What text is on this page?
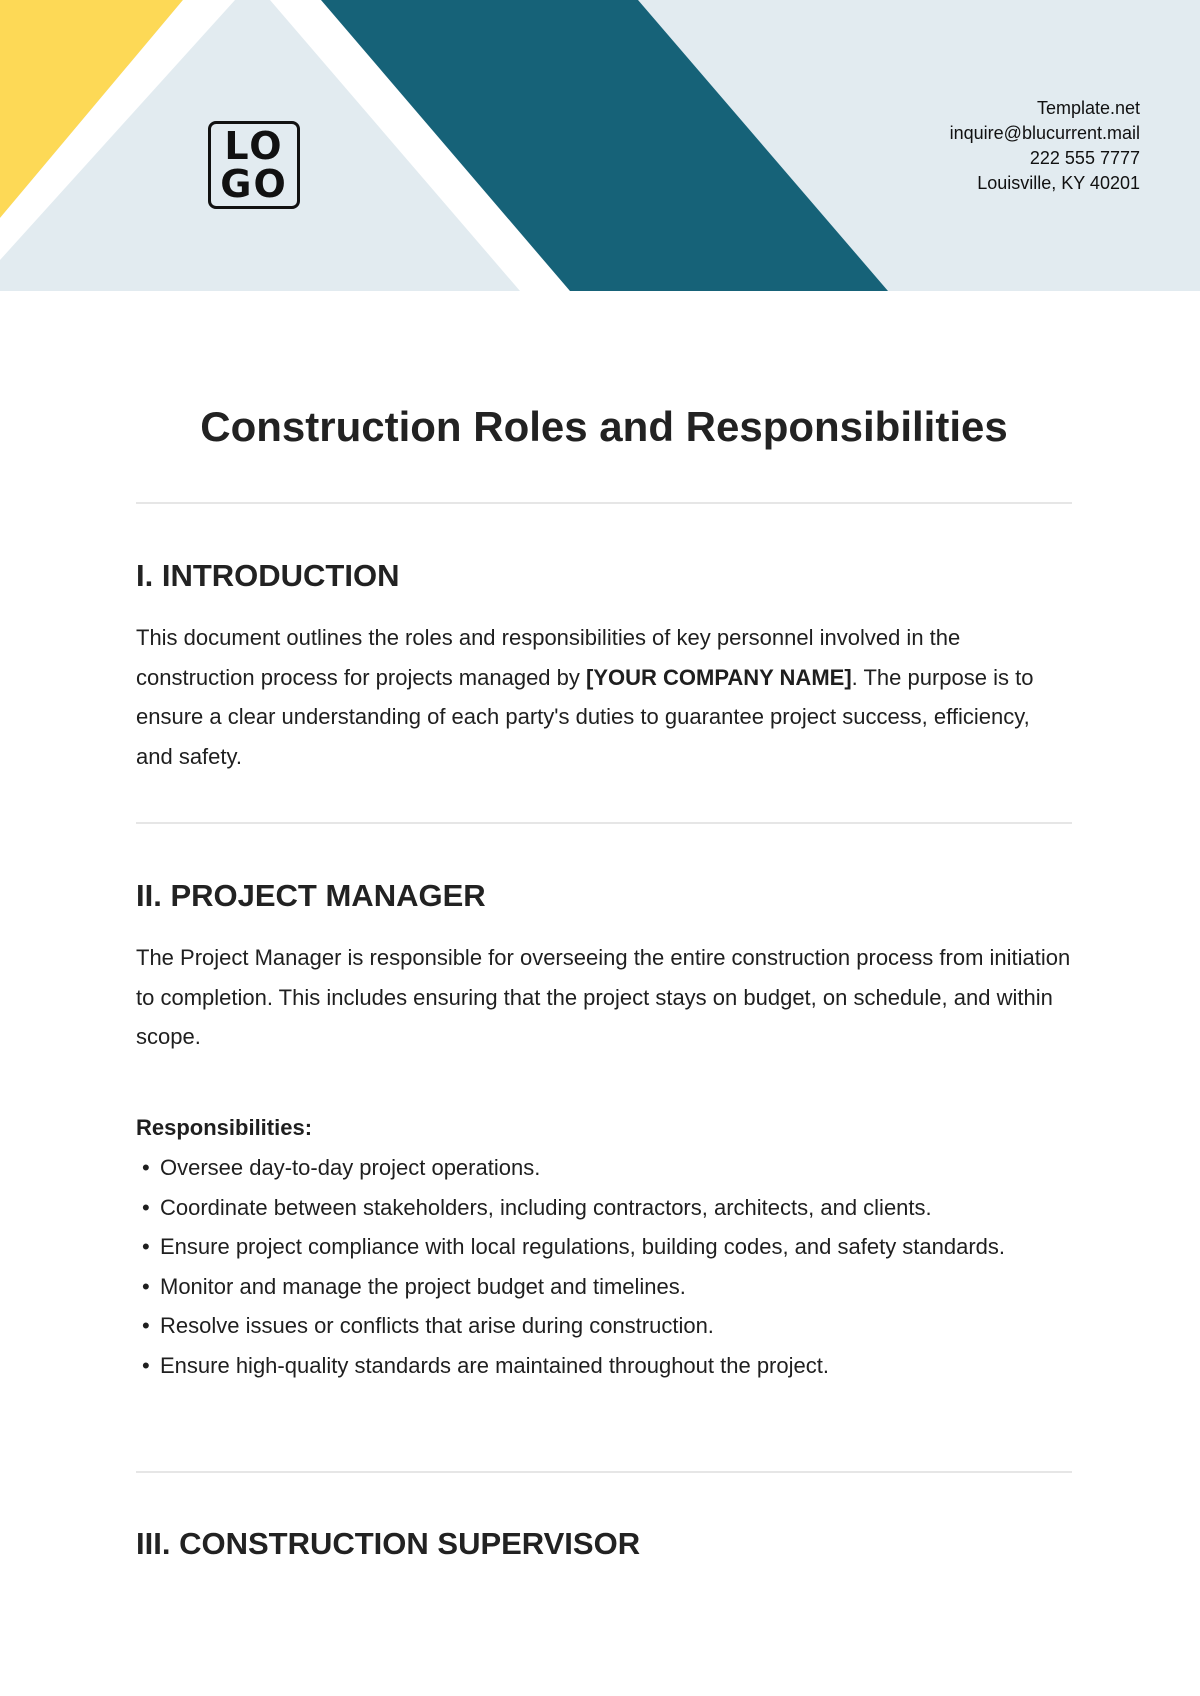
LO
GO
Template.net
inquire@blucurrent.mail
222 555 7777
Louisville, KY 40201
Construction Roles and Responsibilities
I. INTRODUCTION

This document outlines the roles and responsibilities of key personnel involved in the construction process for projects managed by [YOUR COMPANY NAME]. The purpose is to ensure a clear understanding of each party's duties to guarantee project success, efficiency, and safety.

II. PROJECT MANAGER

The Project Manager is responsible for overseeing the entire construction process from initiation to completion. This includes ensuring that the project stays on budget, on schedule, and within scope.

Responsibilities:

• Oversee day-to-day project operations.
• Coordinate between stakeholders, including contractors, architects, and clients.
• Ensure project compliance with local regulations, building codes, and safety standards.
• Monitor and manage the project budget and timelines.
• Resolve issues or conflicts that arise during construction.
• Ensure high-quality standards are maintained throughout the project.
III. CONSTRUCTION SUPERVISOR
